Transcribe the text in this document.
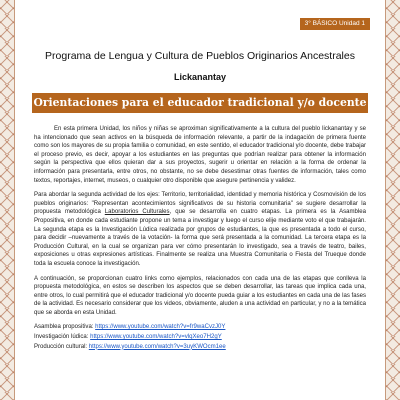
3° BÁSICO Unidad 1
Programa de Lengua y Cultura de Pueblos Originarios Ancestrales
Lickanantay
Orientaciones para el educador tradicional y/o docente

En esta primera Unidad, los niños y niñas se aproximan significativamente a la cultura del pueblo lickanantay y se ha intencionado que sean activos en la búsqueda de información relevante, a partir de la indagación de primera fuente como son los mayores de su propia familia o comunidad, en este sentido, el educador tradicional y/o docente, debe trabajar el proceso previo, es decir, apoyar a los estudiantes en las preguntas que podrían realizar para obtener la información según la perspectiva que ellos quieran dar a sus proyectos, sugerir u orientar en relación a la forma de ordenar la información para presentarla, entre otros, no obstante, no se debe desestimar otras fuentes de información, tales como textos, reportajes, internet, museos, o cualquier otro disponible que asegure pertinencia y validez.

Para abordar la segunda actividad de los ejes: Territorio, territorialidad, identidad y memoria histórica y Cosmovisión de los pueblos originarios: "Representan acontecimientos significativos de su historia comunitaria" se sugiere desarrollar la propuesta metodológica Laboratorios Culturales, que se desarrolla en cuatro etapas. La primera es la Asamblea Propositiva, en donde cada estudiante propone un tema a investigar y luego el curso elije mediante voto el que trabajarán. La segunda etapa es la Investigación Lúdica realizada por grupos de estudiantes, la que es presentada a todo el curso, para decidir –nuevamente a través de la votación- la forma que será presentada a la comunidad. La tercera etapa es la Producción Cultural, en la cual se organizan para ver cómo presentarán lo investigado, sea a través de teatro, bailes, exposiciones u otras expresiones artísticas. Finalmente se realiza una Muestra Comunitaria o Fiesta del Trueque donde toda la escuela conoce la investigación.

A continuación, se proporcionan cuatro links como ejemplos, relacionados con cada una de las etapas que conlleva la propuesta metodológica, en estos se describen los aspectos que se deben desarrollar, las tareas que implica cada una, entre otros, lo cual permitirá que el educador tradicional y/o docente pueda guiar a los estudiantes en cada una de las fases de la actividad. Es necesario considerar que los videos, obviamente, aluden a una actividad en particular, y no a la temática que se aborda en esta Unidad.

Asamblea propositiva: https://www.youtube.com/watch?v=fr9waCvzJ0Y

Investigación lúdica: https://www.youtube.com/watch?v=vlqXeo7H2gY

Producción cultural: https://www.youtube.com/watch?v=3uyKWOcm1ee
